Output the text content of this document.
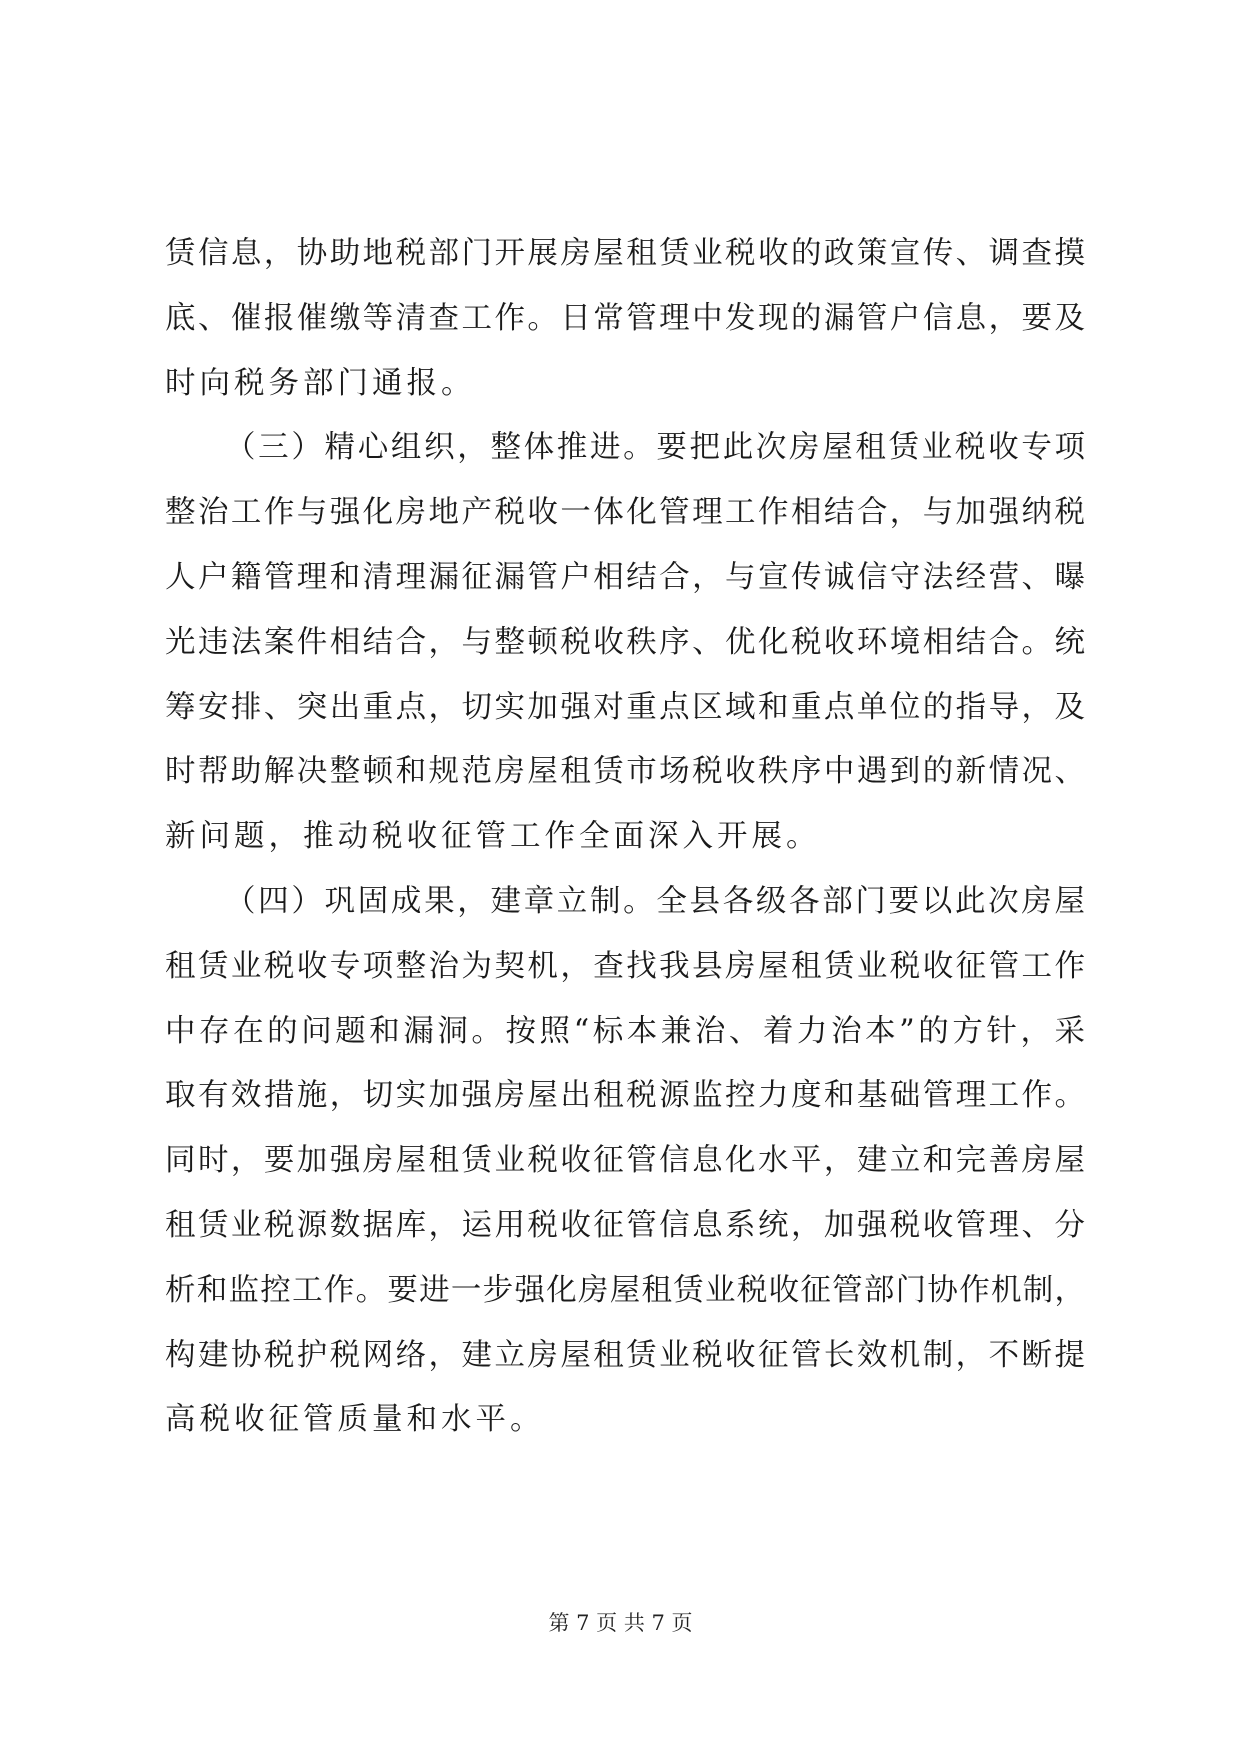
赁信息，协助地税部门开展房屋租赁业税收的政策宣传、调查摸
底、催报催缴等清查工作。日常管理中发现的漏管户信息，要及
时向税务部门通报。
（三）精心组织，整体推进。要把此次房屋租赁业税收专项
整治工作与强化房地产税收一体化管理工作相结合，与加强纳税
人户籍管理和清理漏征漏管户相结合，与宣传诚信守法经营、曝
光违法案件相结合，与整顿税收秩序、优化税收环境相结合。统
筹安排、突出重点，切实加强对重点区域和重点单位的指导，及
时帮助解决整顿和规范房屋租赁市场税收秩序中遇到的新情况、
新问题，推动税收征管工作全面深入开展。
（四）巩固成果，建章立制。全县各级各部门要以此次房屋
租赁业税收专项整治为契机，查找我县房屋租赁业税收征管工作
中存在的问题和漏洞。按照“标本兼治、着力治本”的方针，采
取有效措施，切实加强房屋出租税源监控力度和基础管理工作。
同时，要加强房屋租赁业税收征管信息化水平，建立和完善房屋
租赁业税源数据库，运用税收征管信息系统，加强税收管理、分
析和监控工作。要进一步强化房屋租赁业税收征管部门协作机制，
构建协税护税网络，建立房屋租赁业税收征管长效机制，不断提
高税收征管质量和水平。
第 7 页 共 7 页
